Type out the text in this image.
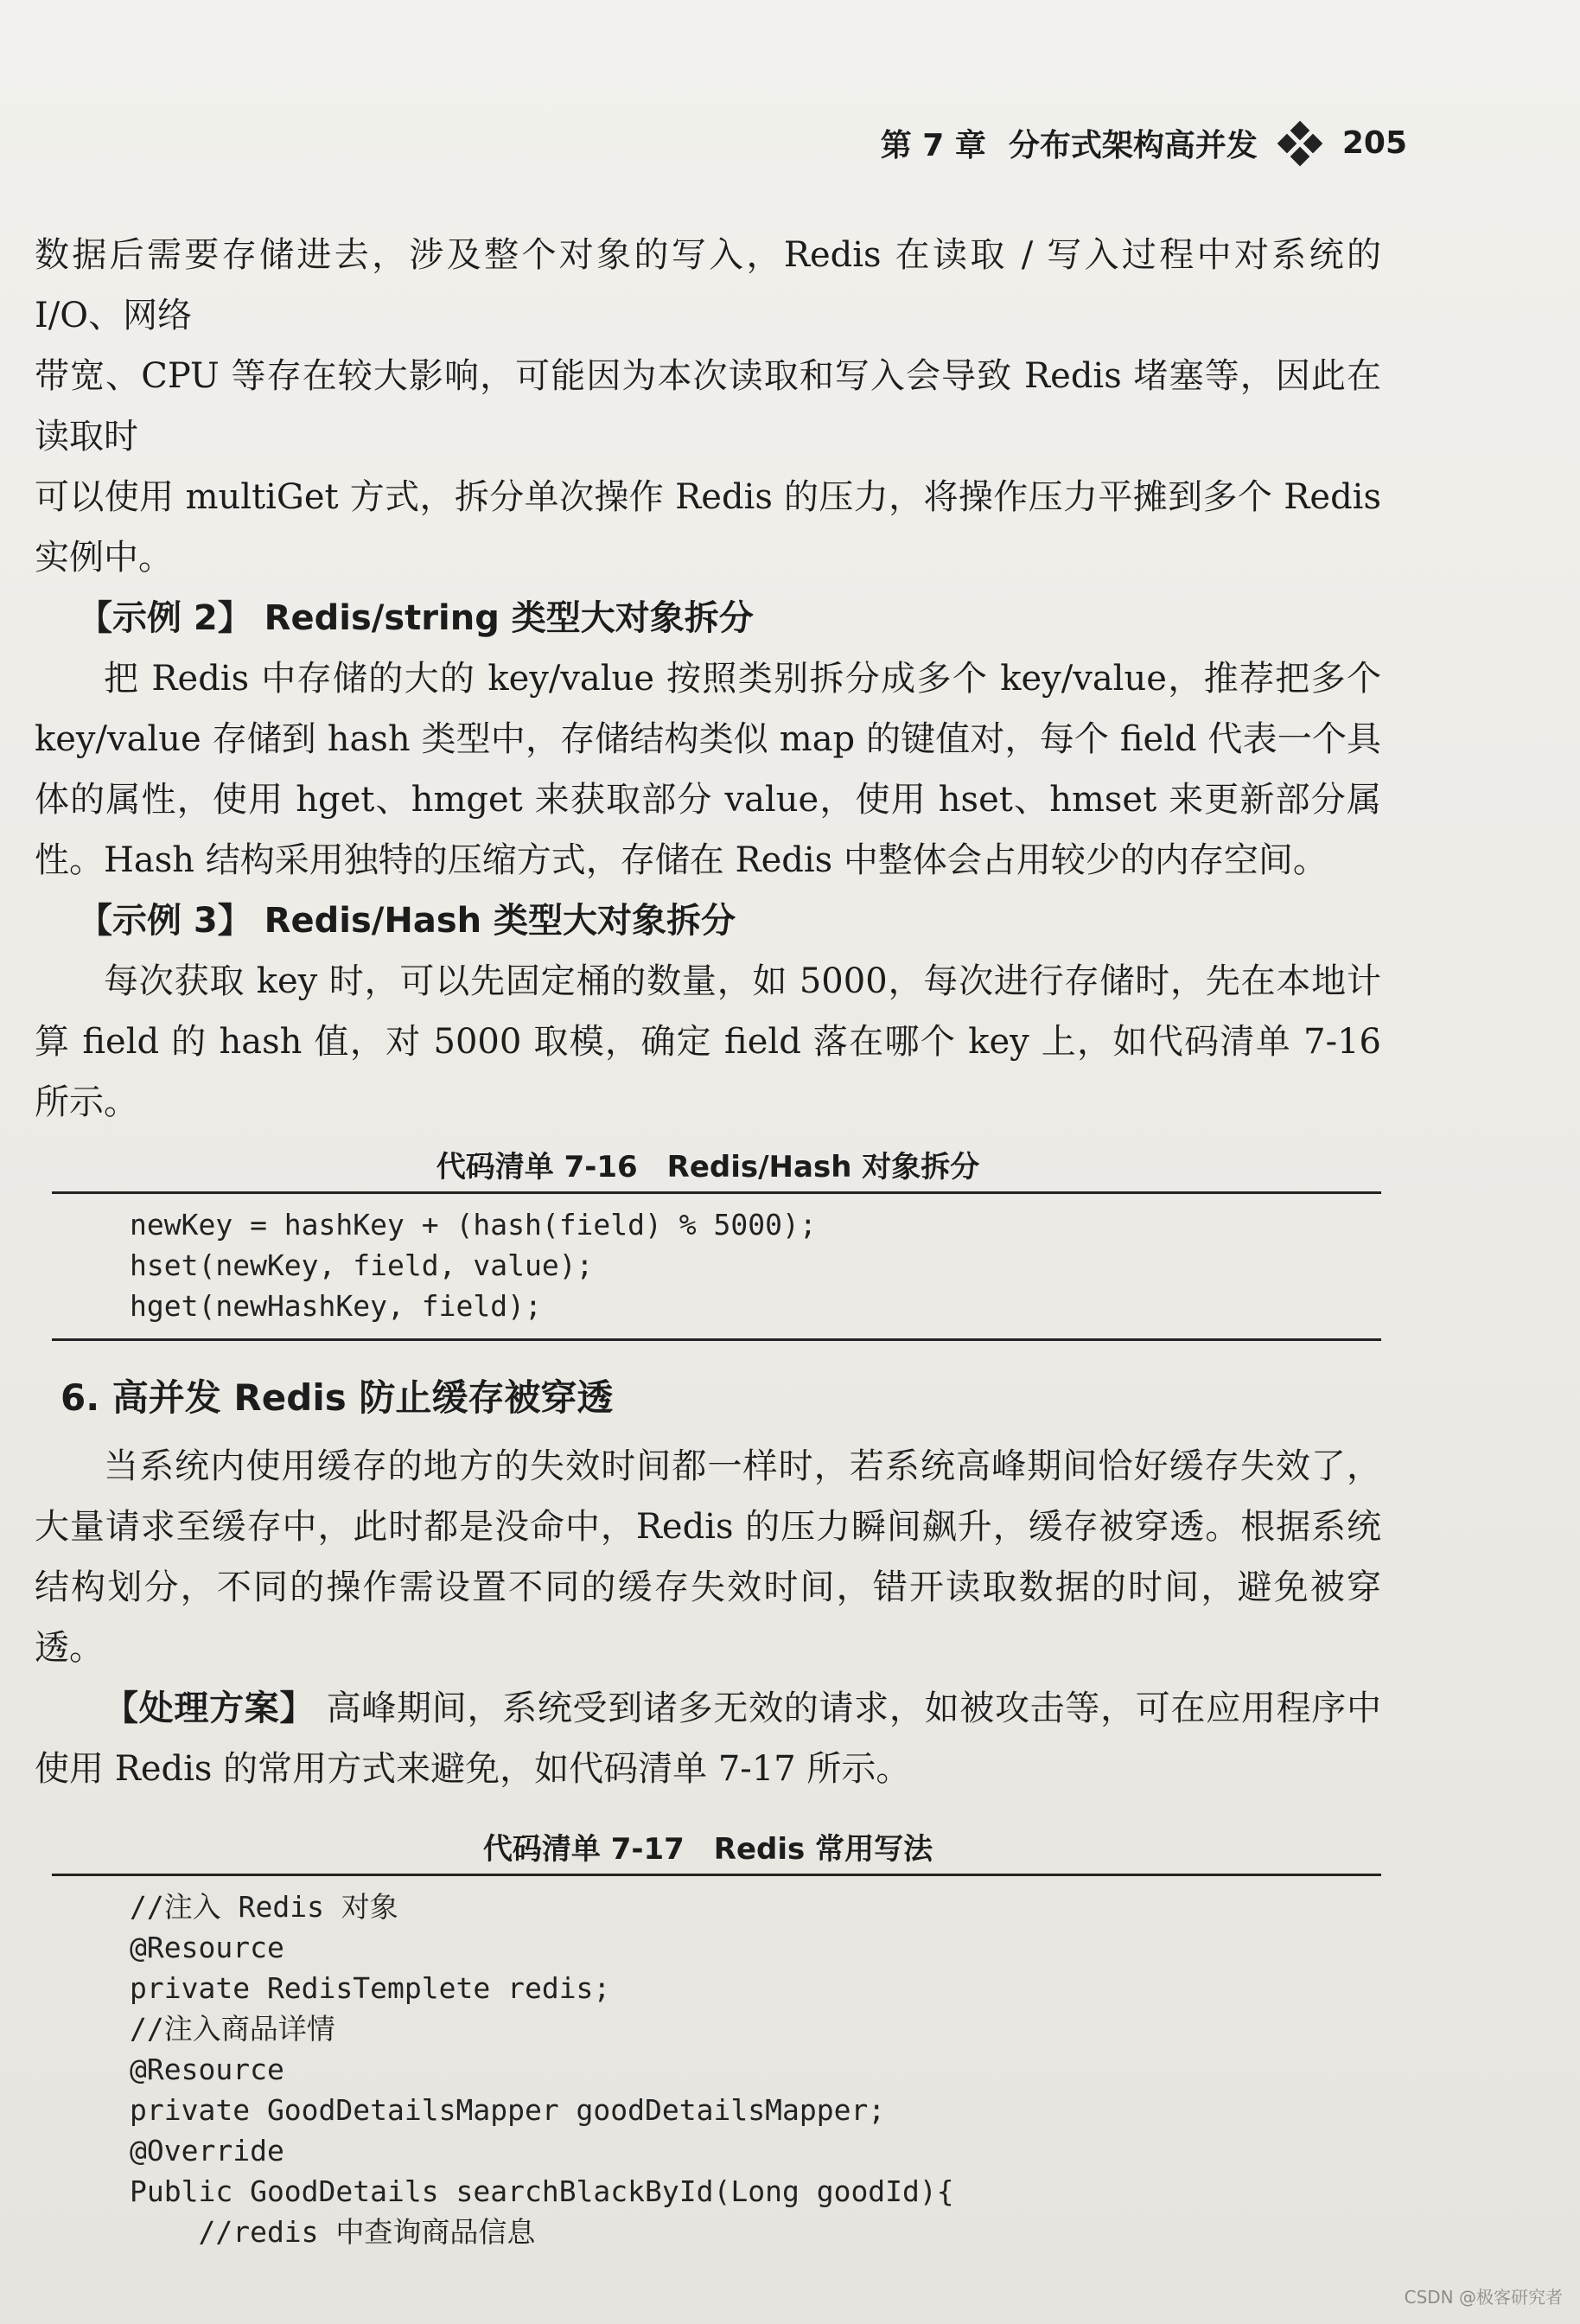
第 7 章 分布式架构高并发	205

数据后需要存储进去，涉及整个对象的写入，Redis 在读取 / 写入过程中对系统的 I/O、网络

带宽、CPU 等存在较大影响，可能因为本次读取和写入会导致 Redis 堵塞等，因此在读取时

可以使用 multiGet 方式，拆分单次操作 Redis 的压力，将操作压力平摊到多个 Redis 实例中。

【示例 2】 Redis/string 类型大对象拆分

把 Redis 中存储的大的 key/value 按照类别拆分成多个 key/value，推荐把多个 key/value 存储到 hash 类型中，存储结构类似 map 的键值对，每个 field 代表一个具体的属性，使用 hget、hmget 来获取部分 value，使用 hset、hmset 来更新部分属性。Hash 结构采用独特的压缩方式，存储在 Redis 中整体会占用较少的内存空间。

【示例 3】 Redis/Hash 类型大对象拆分

每次获取 key 时，可以先固定桶的数量，如 5000，每次进行存储时，先在本地计算 field 的 hash 值，对 5000 取模，确定 field 落在哪个 key 上，如代码清单 7-16 所示。

代码清单 7-16　Redis/Hash 对象拆分
newKey = hashKey + (hash(field) % 5000);
hset(newKey, field, value);
hget(newHashKey, field);
6. 高并发 Redis 防止缓存被穿透

当系统内使用缓存的地方的失效时间都一样时，若系统高峰期间恰好缓存失效了，大量请求至缓存中，此时都是没命中，Redis 的压力瞬间飙升，缓存被穿透。根据系统结构划分，不同的操作需设置不同的缓存失效时间，错开读取数据的时间，避免被穿透。

【处理方案】 高峰期间，系统受到诸多无效的请求，如被攻击等，可在应用程序中使用 Redis 的常用方式来避免，如代码清单 7-17 所示。

代码清单 7-17　Redis 常用写法
//注入 Redis 对象
@Resource
private RedisTemplete redis;
//注入商品详情
@Resource
private GoodDetailsMapper goodDetailsMapper;
@Override
Public GoodDetails searchBlackById(Long goodId){
//redis 中查询商品信息
CSDN @极客研究者
